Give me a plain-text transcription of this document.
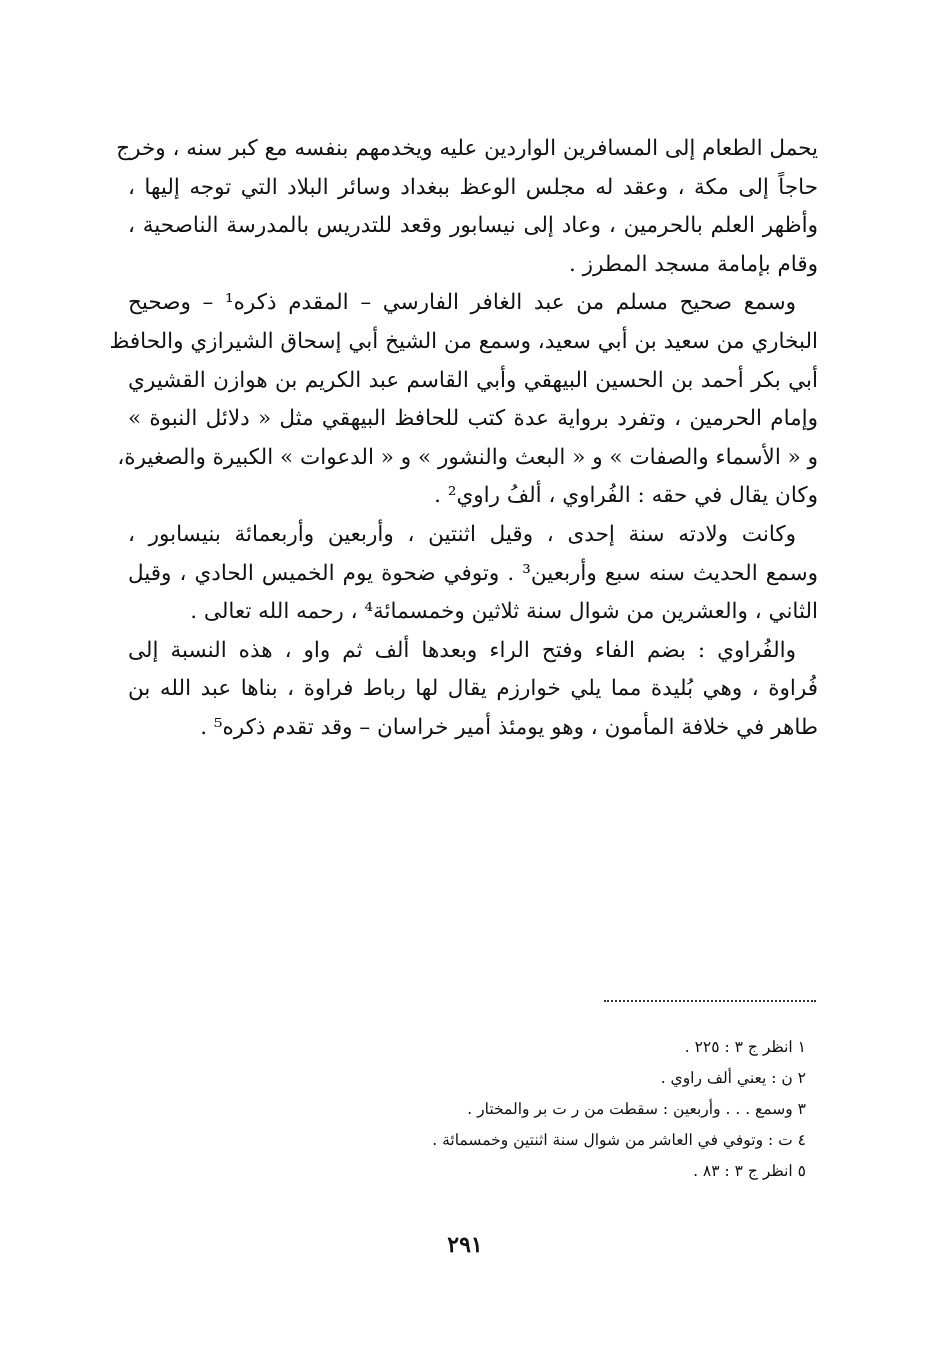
يحمل الطعام إلى المسافرين الواردين عليه ويخدمهم بنفسه مع كبر سنه ، وخرج
حاجاً إلى مكة ، وعقد له مجلس الوعظ ببغداد وسائر البلاد التي توجه إليها ،
وأظهر العلم بالحرمين ، وعاد إلى نيسابور وقعد للتدريس بالمدرسة الناصحية ،
وقام بإمامة مسجد المطرز .
وسمع صحيح مسلم من عبد الغافر الفارسي – المقدم ذكره¹ – وصحيح
البخاري من سعيد بن أبي سعيد، وسمع من الشيخ أبي إسحاق الشيرازي والحافظ
أبي بكر أحمد بن الحسين البيهقي وأبي القاسم عبد الكريم بن هوازن القشيري
وإمام الحرمين ، وتفرد برواية عدة كتب للحافظ البيهقي مثل « دلائل النبوة »
و « الأسماء والصفات » و « البعث والنشور » و « الدعوات » الكبيرة والصغيرة،
وكان يقال في حقه : الفُراوي ، ألفُ راوي² .
وكانت ولادته سنة إحدى ، وقيل اثنتين ، وأربعين وأربعمائة بنيسابور ،
وسمع الحديث سنه سبع وأربعين³ . وتوفي ضحوة يوم الخميس الحادي ، وقيل
الثاني ، والعشرين من شوال سنة ثلاثين وخمسمائة⁴ ، رحمه الله تعالى .
والفُراوي : بضم الفاء وفتح الراء وبعدها ألف ثم واو ، هذه النسبة إلى
فُراوة ، وهي بُليدة مما يلي خوارزم يقال لها رباط فراوة ، بناها عبد الله بن
طاهر في خلافة المأمون ، وهو يومئذ أمير خراسان – وقد تقدم ذكره⁵ .
١ انظر ج ٣ : ٢٢٥ .
٢ ن : يعني ألف راوي .
٣ وسمع . . . وأربعين : سقطت من ر ت بر والمختار .
٤ ت : وتوفي في العاشر من شوال سنة اثنتين وخمسمائة .
٥ انظر ج ٣ : ٨٣ .
٢٩١
